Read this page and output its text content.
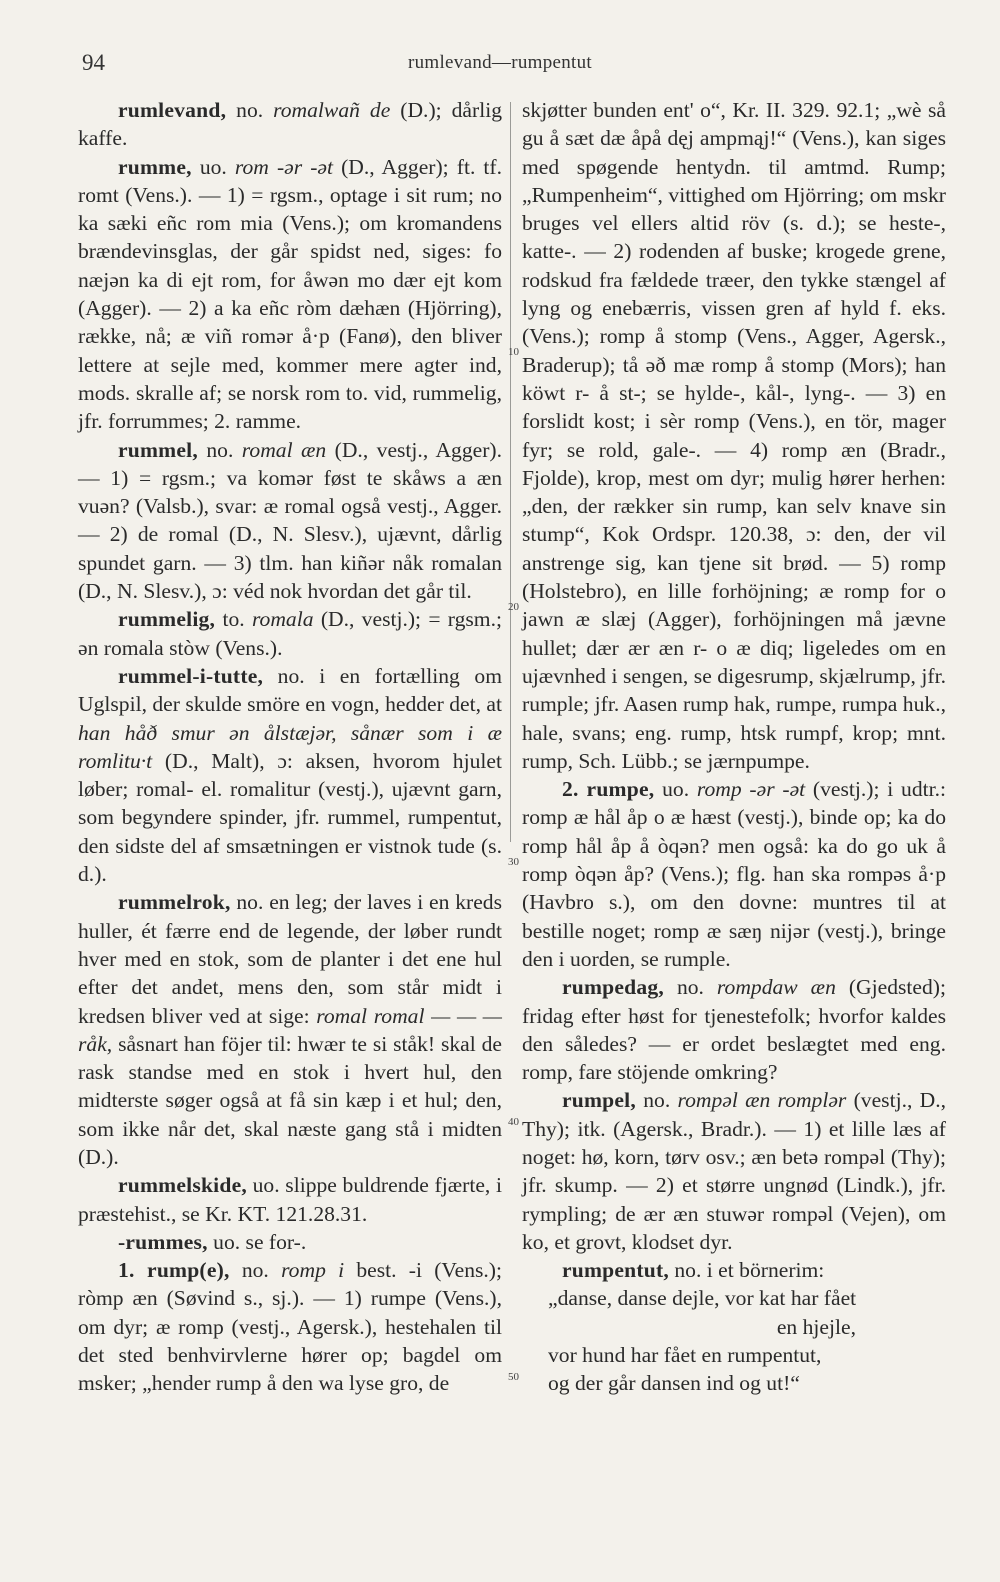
94	rumlevand—rumpentut

rumlevand, no. romalwañ de (D.); dårlig kaffe.

rumme, uo. rom -ər -ət (D., Agger); ft. tf. romt (Vens.). — 1) = rgsm., optage i sit rum; no ka sæki eñc rom mia (Vens.); om kromandens brændevinsglas, der går spidst ned, siges: fo næjən ka di ejt rom, for åwən mo dær ejt kom (Agger). — 2) a ka eñc ròm dæhæn (Hjörring), række, nå; æ viñ romər å·p (Fanø), den bliver lettere at sejle med, kommer mere agter ind, mods. skralle af; se norsk rom to. vid, rummelig, jfr. forrummes; 2. ramme.

rummel, no. romal æn (D., vestj., Agger). — 1) = rgsm.; va komər føst te skåws a æn vuən? (Valsb.), svar: æ romal også vestj., Agger. — 2) de romal (D., N. Slesv.), ujævnt, dårlig spundet garn. — 3) tlm. han kiñər nåk romalan (D., N. Slesv.), ɔ: véd nok hvordan det går til.

rummelig, to. romala (D., vestj.); = rgsm.; ən romala stòw (Vens.).

rummel-i-tutte, no. i en fortælling om Uglspil, der skulde smöre en vogn, hedder det, at han håð smur ən ålstæjər, sånær som i æ romlitu·t (D., Malt), ɔ: aksen, hvorom hjulet løber; romal- el. romalitur (vestj.), ujævnt garn, som begyndere spinder, jfr. rummel, rumpentut, den sidste del af smsætningen er vistnok tude (s. d.).

rummelrok, no. en leg; der laves i en kreds huller, ét færre end de legende, der løber rundt hver med en stok, som de planter i det ene hul efter det andet, mens den, som står midt i kredsen bliver ved at sige: romal romal — — — råk, såsnart han föjer til: hwær te si ståk! skal de rask standse med en stok i hvert hul, den midterste søger også at få sin kæp i et hul; den, som ikke når det, skal næste gang stå i midten (D.).

rummelskide, uo. slippe buldrende fjærte, i præstehist., se Kr. KT. 121.28.31.

-rummes, uo. se for-.

1. rump(e), no. romp i best. -i (Vens.); ròmp æn (Søvind s., sj.). — 1) rumpe (Vens.), om dyr; æ romp (vestj., Agersk.), hestehalen til det sted benhvirvlerne hører op; bagdel om msker; „hender rump å den wa lyse gro, de

10
20
30
40
50

skjøtter bunden ent' o“, Kr. II. 329. 92.1; „wè så gu å sæt dæ åpå dęj ampmąj!“ (Vens.), kan siges med spøgende hentydn. til amtmd. Rump; „Rumpenheim“, vittighed om Hjörring; om mskr bruges vel ellers altid röv (s. d.); se heste-, katte-. — 2) rodenden af buske; krogede grene, rodskud fra fældede træer, den tykke stængel af lyng og enebærris, vissen gren af hyld f. eks. (Vens.); romp å stomp (Vens., Agger, Agersk., Braderup); tå əð mæ romp å stomp (Mors); han köwt r- å st-; se hylde-, kål-, lyng-. — 3) en forslidt kost; i sèr romp (Vens.), en tör, mager fyr; se rold, gale-. — 4) romp æn (Bradr., Fjolde), krop, mest om dyr; mulig hører herhen: „den, der rækker sin rump, kan selv knave sin stump“, Kok Ordspr. 120.38, ɔ: den, der vil anstrenge sig, kan tjene sit brød. — 5) romp (Holstebro), en lille forhöjning; æ romp for o jawn æ slæj (Agger), forhöjningen må jævne hullet; dær ær æn r- o æ diq; ligeledes om en ujævnhed i sengen, se digesrump, skjælrump, jfr. rumple; jfr. Aasen rump hak, rumpe, rumpa huk., hale, svans; eng. rump, htsk rumpf, krop; mnt. rump, Sch. Lübb.; se jærnpumpe.

2. rumpe, uo. romp -ər -ət (vestj.); i udtr.: romp æ hål åp o æ hæst (vestj.), binde op; ka do romp hål åp å òqən? men også: ka do go uk å romp òqən åp? (Vens.); flg. han ska rompəs å·p (Havbro s.), om den dovne: muntres til at bestille noget; romp æ sæŋ nijər (vestj.), bringe den i uorden, se rumple.

rumpedag, no. rompdaw æn (Gjedsted); fridag efter høst for tjenestefolk; hvorfor kaldes den således? — er ordet beslægtet med eng. romp, fare stöjende omkring?

rumpel, no. rompəl æn romplər (vestj., D., Thy); itk. (Agersk., Bradr.). — 1) et lille læs af noget: hø, korn, tørv osv.; æn betə rompəl (Thy); jfr. skump. — 2) et større ungnød (Lindk.), jfr. rympling; de ær æn stuwər rompəl (Vejen), om ko, et grovt, klodset dyr.

rumpentut, no. i et börnerim:

„danse, danse dejle, vor kat har fået
en hjejle,
vor hund har fået en rumpentut,
og der går dansen ind og ut!“
